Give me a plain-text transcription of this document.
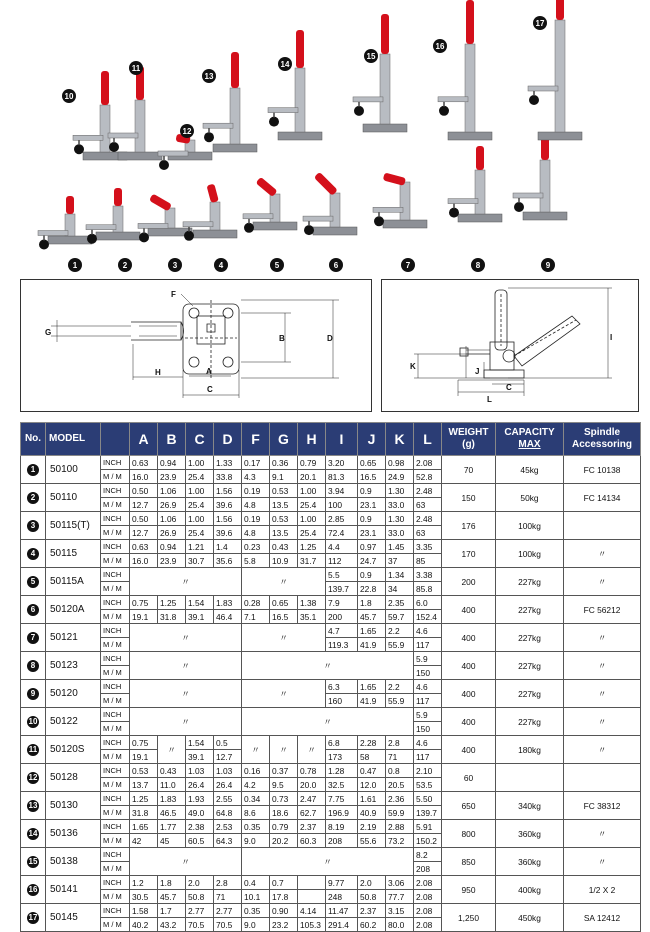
1	2	3	4	5	6	7	8	9
10
11
12
13
14
15
16
17
F
G
H	A
B
C
D	I
J
K
L
C
No.	MODEL		A	B	C	D	F	G	H	I	J	K	L	WEIGHT
(g)	CAPACITY
MAX	Spindle
Accessoring
1	50100	INCH	0.63	0.94	1.00	1.33	0.17	0.36	0.79	3.20	0.65	0.98	2.08	70	45kg	FC 10138
		M / M	16.0	23.9	25.4	33.8	4.3	9.1	20.1	81.3	16.5	24.9	52.8			
2	50110	INCH	0.50	1.06	1.00	1.56	0.19	0.53	1.00	3.94	0.9	1.30	2.48	150	50kg	FC 14134
		M / M	12.7	26.9	25.4	39.6	4.8	13.5	25.4	100	23.1	33.0	63			
3	50115(T)	INCH	0.50	1.06	1.00	1.56	0.19	0.53	1.00	2.85	0.9	1.30	2.48	176	100kg	
		M / M	12.7	26.9	25.4	39.6	4.8	13.5	25.4	72.4	23.1	33.0	63			
4	50115	INCH	0.63	0.94	1.21	1.4	0.23	0.43	1.25	4.4	0.97	1.45	3.35	170	100kg	〃
		M / M	16.0	23.9	30.7	35.6	5.8	10.9	31.7	112	24.7	37	85			
5	50115A	INCH	〃				〃			5.5	0.9	1.34	3.38	200	227kg	〃
		M / M								139.7	22.8	34	85.8			
6	50120A	INCH	0.75	1.25	1.54	1.83	0.28	0.65	1.38	7.9	1.8	2.35	6.0	400	227kg	FC 56212
		M / M	19.1	31.8	39.1	46.4	7.1	16.5	35.1	200	45.7	59.7	152.4			
7	50121	INCH	〃				〃			4.7	1.65	2.2	4.6	400	227kg	〃
		M / M								119.3	41.9	55.9	117			
8	50123	INCH	〃				〃						5.9	400	227kg	〃
		M / M											150			
9	50120	INCH	〃				〃			6.3	1.65	2.2	4.6	400	227kg	〃
		M / M								160	41.9	55.9	117			
10	50122	INCH	〃				〃						5.9	400	227kg	〃
		M / M											150			
11	50120S	INCH	0.75	〃	1.54	0.5	〃	〃	〃	6.8	2.28	2.8	4.6	400	180kg	〃
		M / M	19.1		39.1	12.7				173	58	71	117			
12	50128	INCH	0.53	0.43	1.03	1.03	0.16	0.37	0.78	1.28	0.47	0.8	2.10	60		
		M / M	13.7	11.0	26.4	26.4	4.2	9.5	20.0	32.5	12.0	20.5	53.5			
13	50130	INCH	1.25	1.83	1.93	2.55	0.34	0.73	2.47	7.75	1.61	2.36	5.50	650	340kg	FC 38312
		M / M	31.8	46.5	49.0	64.8	8.6	18.6	62.7	196.9	40.9	59.9	139.7			
14	50136	INCH	1.65	1.77	2.38	2.53	0.35	0.79	2.37	8.19	2.19	2.88	5.91	800	360kg	〃
		M / M	42	45	60.5	64.3	9.0	20.2	60.3	208	55.6	73.2	150.2			
15	50138	INCH	〃				〃						8.2	850	360kg	〃
		M / M											208			
16	50141	INCH	1.2	1.8	2.0	2.8	0.4	0.7		9.77	2.0	3.06	2.08	950	400kg	1/2 X 2
		M / M	30.5	45.7	50.8	71	10.1	17.8		248	50.8	77.7	2.08			
17	50145	INCH	1.58	1.7	2.77	2.77	0.35	0.90	4.14	11.47	2.37	3.15	2.08	1,250	450kg	SA 12412
		M / M	40.2	43.2	70.5	70.5	9.0	23.2	105.3	291.4	60.2	80.0	2.08			
